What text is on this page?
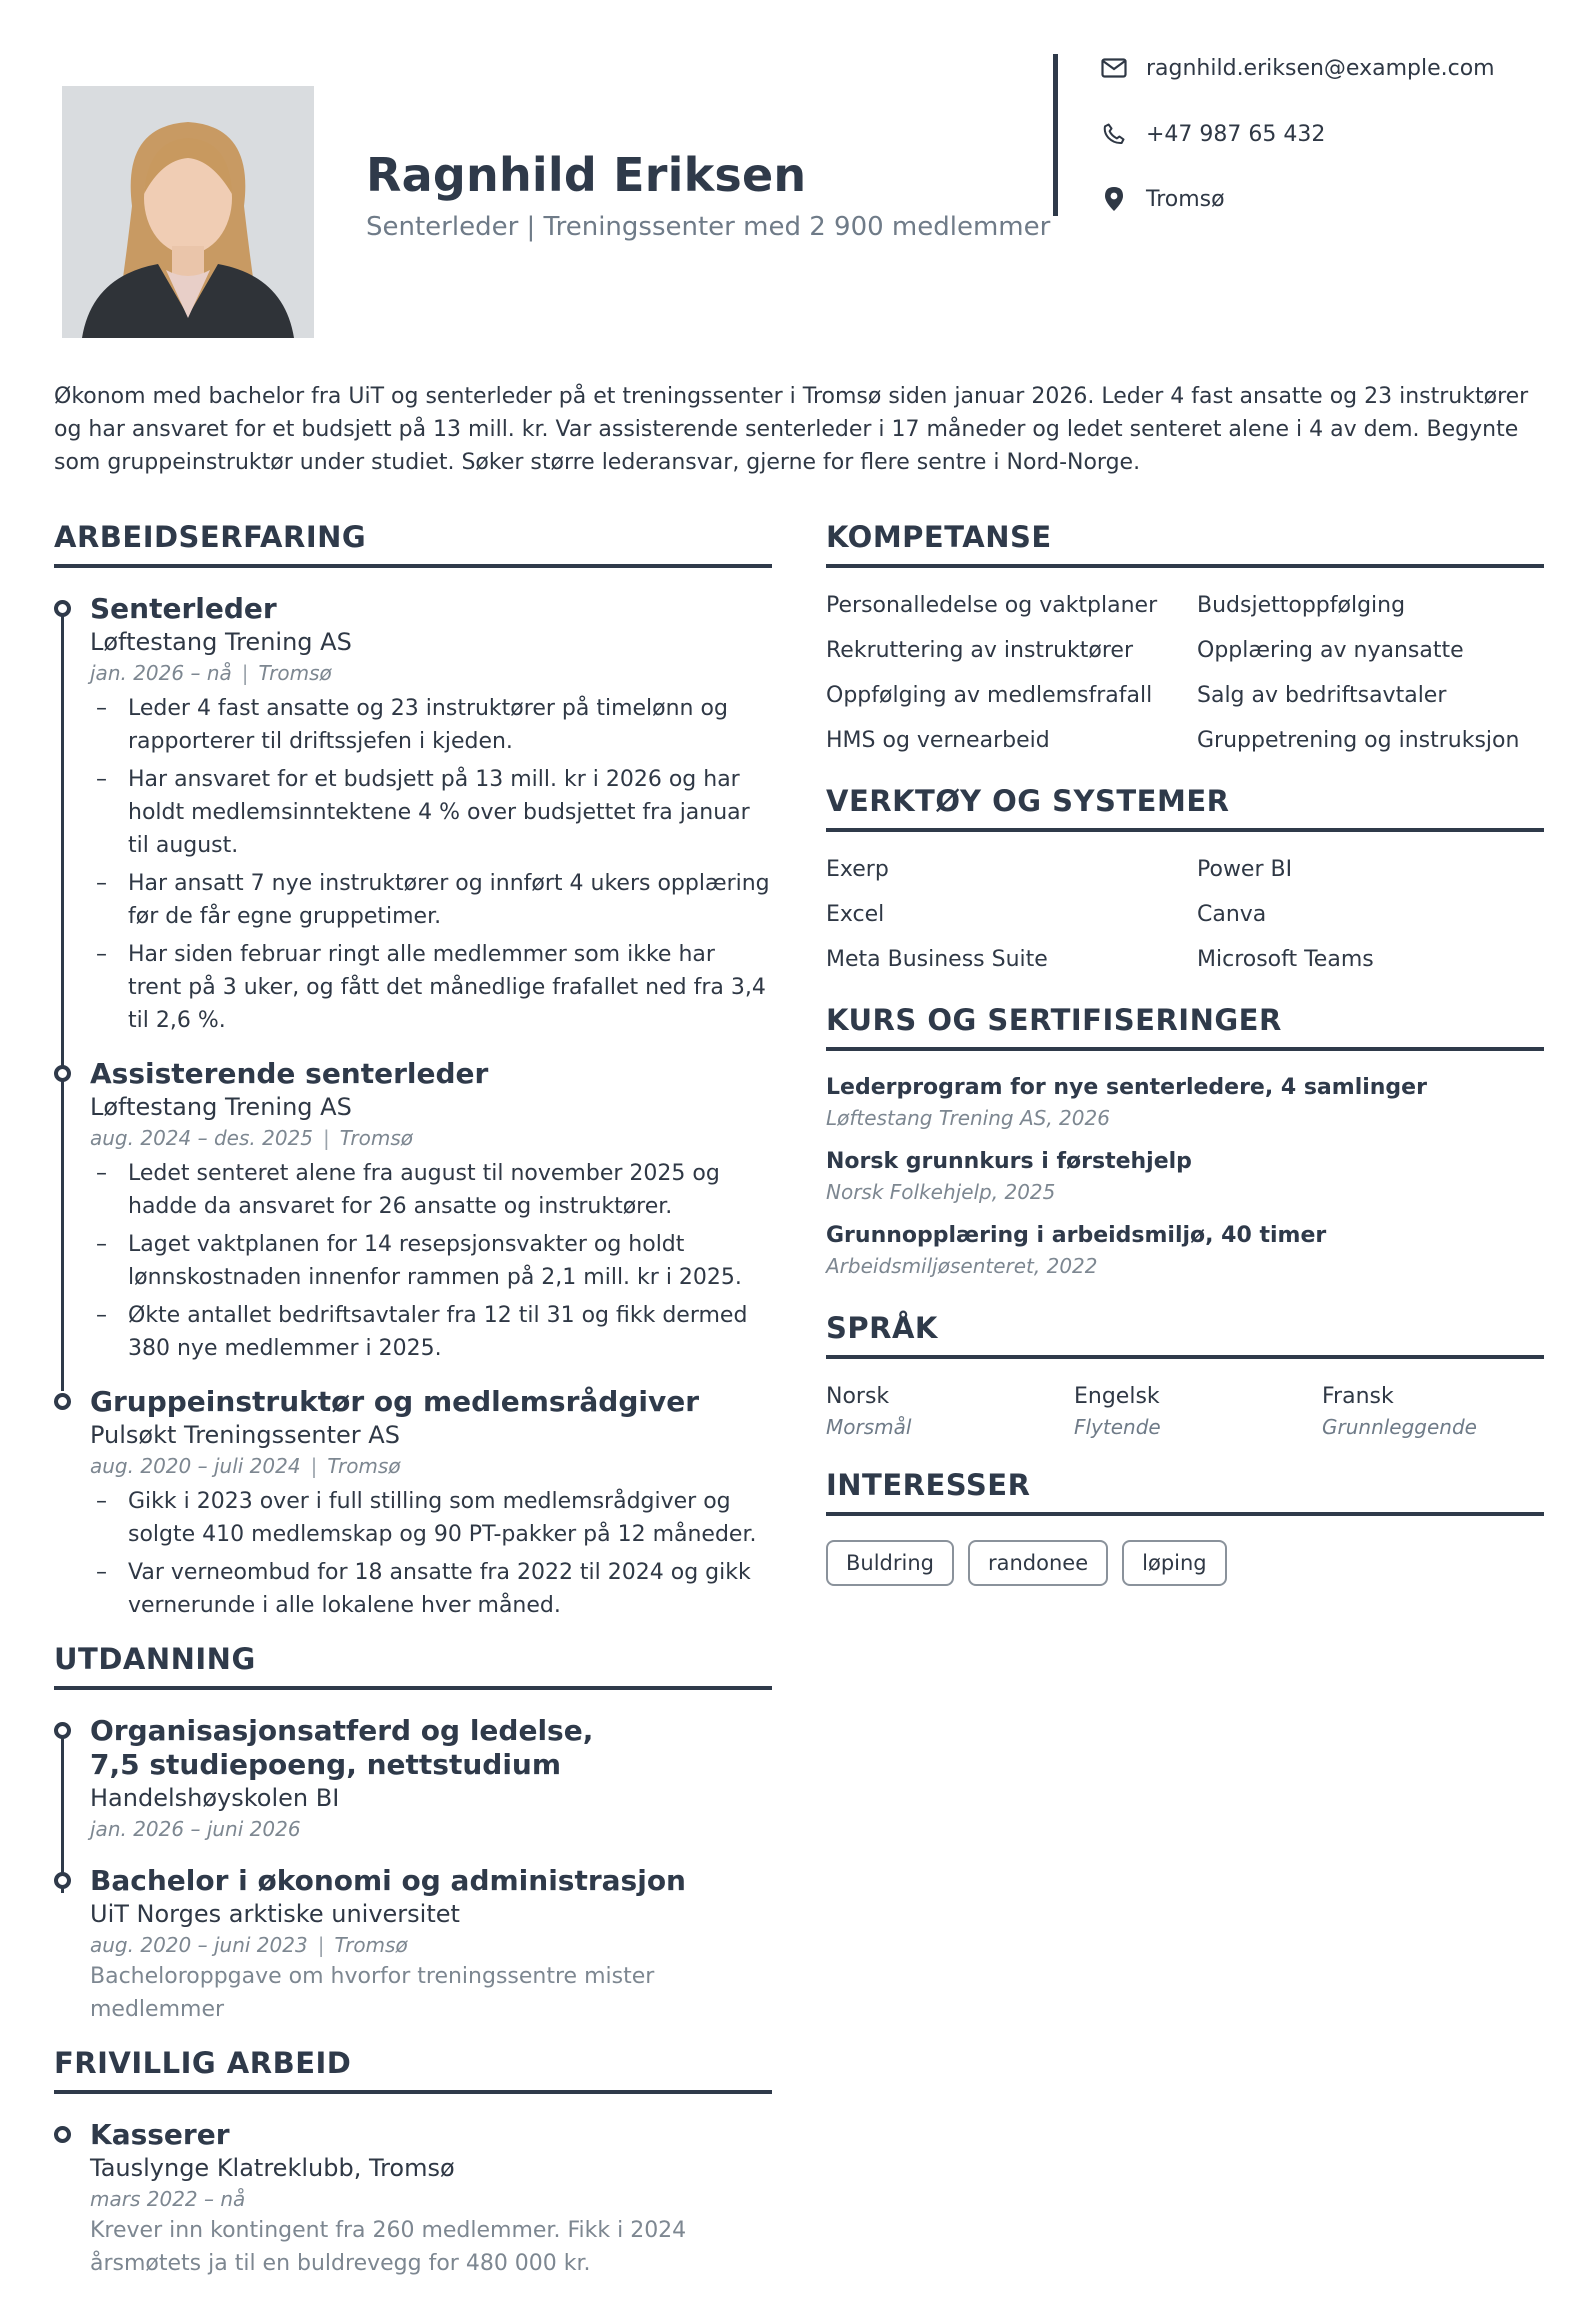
Ragnhild Eriksen
Senterleder | Treningssenter med 2 900 medlemmer
ragnhild.eriksen@example.com
+47 987 65 432
Tromsø

Økonom med bachelor fra UiT og senterleder på et treningssenter i Tromsø siden januar 2026. Leder 4 fast ansatte og 23 instruktører og har ansvaret for et budsjett på 13 mill. kr. Var assisterende senterleder i 17 måneder og ledet senteret alene i 4 av dem. Begynte som gruppeinstruktør under studiet. Søker større lederansvar, gjerne for flere sentre i Nord-Norge.

ARBEIDSERFARING
Senterleder
Løftestang Trening AS
jan. 2026 – nå | Tromsø
– Leder 4 fast ansatte og 23 instruktører på timelønn og rapporterer til driftssjefen i kjeden.
– Har ansvaret for et budsjett på 13 mill. kr i 2026 og har holdt medlemsinntektene 4 % over budsjettet fra januar til august.
– Har ansatt 7 nye instruktører og innført 4 ukers opplæring før de får egne gruppetimer.
– Har siden februar ringt alle medlemmer som ikke har trent på 3 uker, og fått det månedlige frafallet ned fra 3,4 til 2,6 %.
Assisterende senterleder
Løftestang Trening AS
aug. 2024 – des. 2025 | Tromsø
– Ledet senteret alene fra august til november 2025 og hadde da ansvaret for 26 ansatte og instruktører.
– Laget vaktplanen for 14 resepsjonsvakter og holdt lønnskostnaden innenfor rammen på 2,1 mill. kr i 2025.
– Økte antallet bedriftsavtaler fra 12 til 31 og fikk dermed 380 nye medlemmer i 2025.
Gruppeinstruktør og medlemsrådgiver
Pulsøkt Treningssenter AS
aug. 2020 – juli 2024 | Tromsø
– Gikk i 2023 over i full stilling som medlemsrådgiver og solgte 410 medlemskap og 90 PT-pakker på 12 måneder.
– Var verneombud for 18 ansatte fra 2022 til 2024 og gikk vernerunde i alle lokalene hver måned.
UTDANNING
Organisasjonsatferd og ledelse, 7,5 studiepoeng, nettstudium
Handelshøyskolen BI
jan. 2026 – juni 2026
Bachelor i økonomi og administrasjon
UiT Norges arktiske universitet
aug. 2020 – juni 2023 | Tromsø
Bacheloroppgave om hvorfor treningssentre mister medlemmer
FRIVILLIG ARBEID
Kasserer
Tauslynge Klatreklubb, Tromsø
mars 2022 – nå
Krever inn kontingent fra 260 medlemmer. Fikk i 2024 årsmøtets ja til en buldrevegg for 480 000 kr.
KOMPETANSE
Personalledelse og vaktplaner	Budsjettoppfølging
Rekruttering av instruktører	Opplæring av nyansatte
Oppfølging av medlemsfrafall	Salg av bedriftsavtaler
HMS og vernearbeid	Gruppetrening og instruksjon
VERKTØY OG SYSTEMER
Exerp	Power BI
Excel	Canva
Meta Business Suite	Microsoft Teams
KURS OG SERTIFISERINGER
Lederprogram for nye senterledere, 4 samlinger
Løftestang Trening AS, 2026
Norsk grunnkurs i førstehjelp
Norsk Folkehjelp, 2025
Grunnopplæring i arbeidsmiljø, 40 timer
Arbeidsmiljøsenteret, 2022
SPRÅK
Norsk
Morsmål
Engelsk
Flytende
Fransk
Grunnleggende
INTERESSER
Buldring	randonee	løping
